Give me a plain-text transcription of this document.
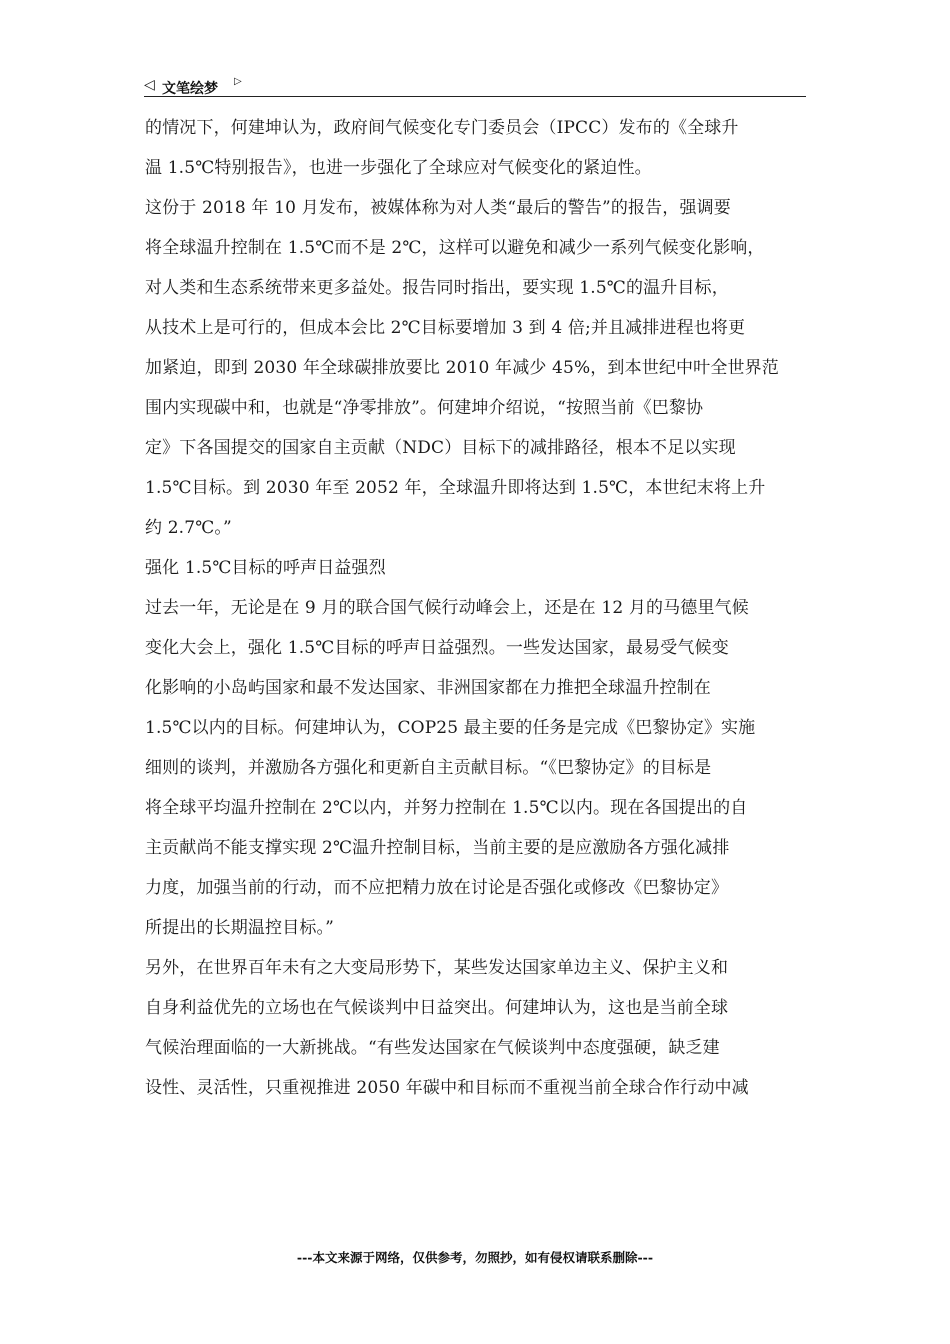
◁ 文笔绘梦 ▷
的情况下，何建坤认为，政府间气候变化专门委员会（IPCC）发布的《全球升
温 1.5℃特别报告》，也进一步强化了全球应对气候变化的紧迫性。
这份于 2018 年 10 月发布，被媒体称为对人类“最后的警告”的报告，强调要
将全球温升控制在 1.5℃而不是 2℃，这样可以避免和减少一系列气候变化影响，
对人类和生态系统带来更多益处。报告同时指出，要实现 1.5℃的温升目标，
从技术上是可行的，但成本会比 2℃目标要增加 3 到 4 倍;并且减排进程也将更
加紧迫，即到 2030 年全球碳排放要比 2010 年减少 45%，到本世纪中叶全世界范
围内实现碳中和，也就是“净零排放”。何建坤介绍说，“按照当前《巴黎协
定》下各国提交的国家自主贡献（NDC）目标下的减排路径，根本不足以实现
1.5℃目标。到 2030 年至 2052 年，全球温升即将达到 1.5℃，本世纪末将上升
约 2.7℃。”
强化 1.5℃目标的呼声日益强烈
过去一年，无论是在 9 月的联合国气候行动峰会上，还是在 12 月的马德里气候
变化大会上，强化 1.5℃目标的呼声日益强烈。一些发达国家，最易受气候变
化影响的小岛屿国家和最不发达国家、非洲国家都在力推把全球温升控制在
1.5℃以内的目标。何建坤认为，COP25 最主要的任务是完成《巴黎协定》实施
细则的谈判，并激励各方强化和更新自主贡献目标。“《巴黎协定》的目标是
将全球平均温升控制在 2℃以内，并努力控制在 1.5℃以内。现在各国提出的自
主贡献尚不能支撑实现 2℃温升控制目标，当前主要的是应激励各方强化减排
力度，加强当前的行动，而不应把精力放在讨论是否强化或修改《巴黎协定》
所提出的长期温控目标。”
另外，在世界百年未有之大变局形势下，某些发达国家单边主义、保护主义和
自身利益优先的立场也在气候谈判中日益突出。何建坤认为，这也是当前全球
气候治理面临的一大新挑战。“有些发达国家在气候谈判中态度强硬，缺乏建
设性、灵活性，只重视推进 2050 年碳中和目标而不重视当前全球合作行动中减
---本文来源于网络，仅供参考，勿照抄，如有侵权请联系删除---
